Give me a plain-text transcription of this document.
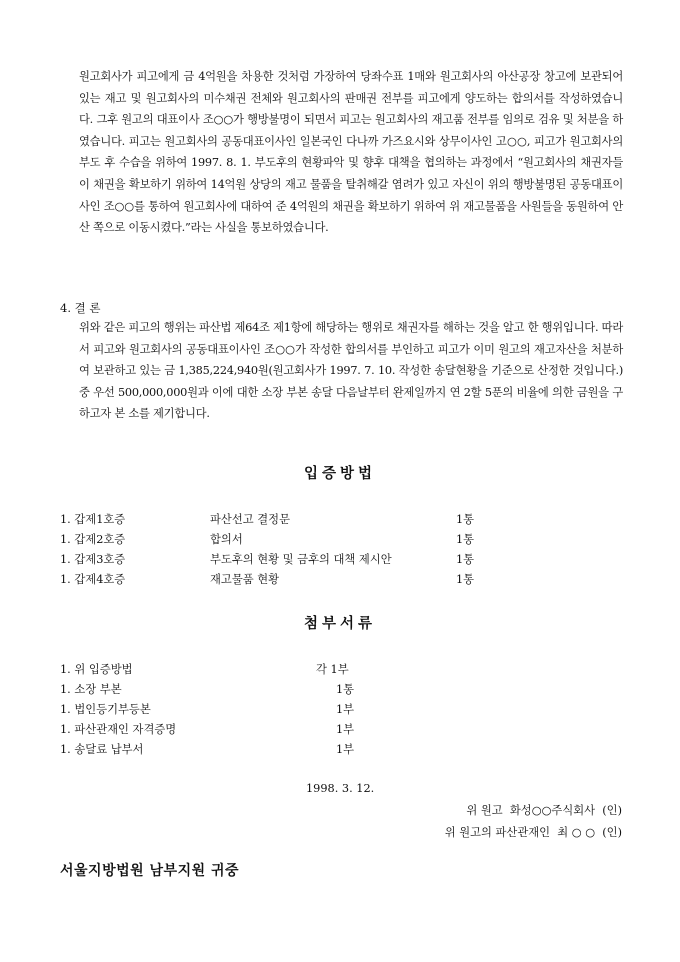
원고회사가 피고에게 금 4억원을 차용한 것처럼 가장하여 당좌수표 1매와 원고회사의 아산공장 창고에 보관되어 있는 재고 및 원고회사의 미수채권 전체와 원고회사의 판매권 전부를 피고에게 양도하는 합의서를 작성하였습니다. 그후 원고의 대표이사 조○○가 행방불명이 되면서 피고는 원고회사의 재고품 전부를 임의로 검유 및 처분을 하였습니다. 피고는 원고회사의 공동대표이사인 일본국인 다나까 가즈요시와 상무이사인 고○○, 피고가 원고회사의 부도 후 수습을 위하여 1997. 8. 1. 부도후의 현황파악 및 향후 대책을 협의하는 과정에서 “원고회사의 채권자들이 채권을 확보하기 위하여 14억원 상당의 재고 물품을 탈취해갈 염려가 있고 자신이 위의 행방불명된 공동대표이사인 조○○를 통하여 원고회사에 대하여 준 4억원의 채권을 확보하기 위하여 위 재고물품을 사원들을 동원하여 안산 쪽으로 이동시켰다.”라는 사실을 통보하였습니다.

4. 결 론

위와 같은 피고의 행위는 파산법 제64조 제1항에 해당하는 행위로 채권자를 해하는 것을 알고 한 행위입니다. 따라서 피고와 원고회사의 공동대표이사인 조○○가 작성한 합의서를 부인하고 피고가 이미 원고의 재고자산을 처분하여 보관하고 있는 금 1,385,224,940원(원고회사가 1997. 7. 10. 작성한 송달현황을 기준으로 산정한 것입니다.) 중 우선 500,000,000원과 이에 대한 소장 부본 송달 다음날부터 완제일까지 연 2할 5푼의 비율에 의한 금원을 구하고자 본 소를 제기합니다.

입증방법

1. 갑제1호증	파산선고 결정문	1통
1. 갑제2호증	합의서	1통
1. 갑제3호증	부도후의 현황 및 금후의 대책 제시안	1통
1. 갑제4호증	재고물품 현황	1통

첨부서류

1. 위 입증방법	각 1부
1. 소장 부본	1통
1. 법인등기부등본	1부
1. 파산관재인 자격증명	1부
1. 송달료 납부서	1부
1998. 3. 12.
위 원고  화성○○주식회사  (인)
위 원고의 파산관재인  최 ○ ○  (인)

서울지방법원 남부지원 귀중
